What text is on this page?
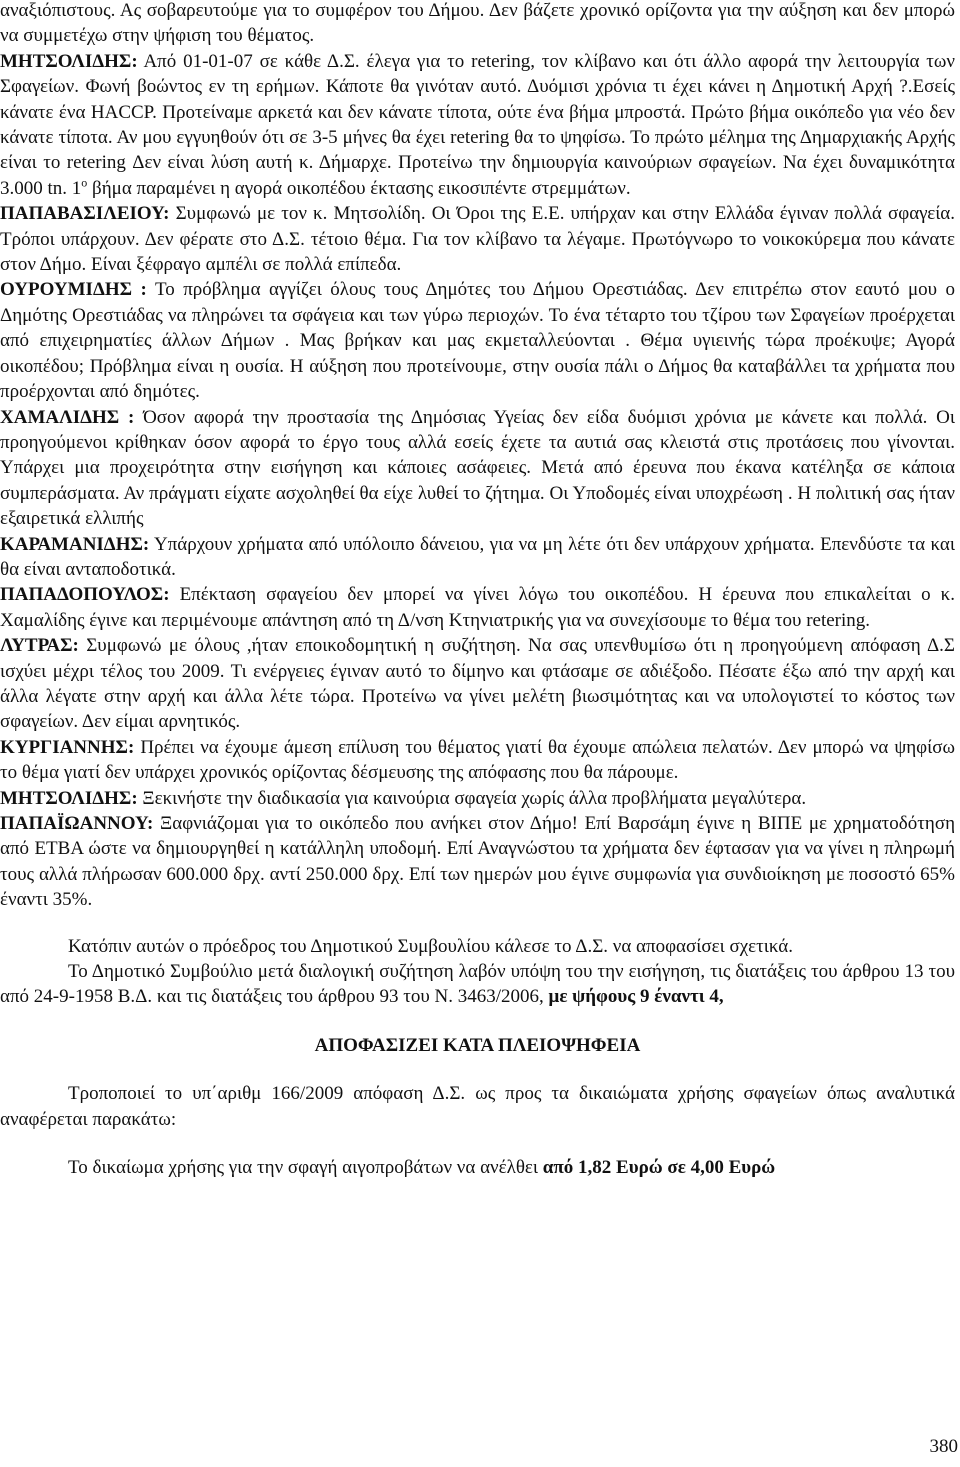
αναξιόπιστους. Ας σοβαρευτούμε για το συμφέρον του Δήμου. Δεν βάζετε χρονικό ορίζοντα για την αύξηση και δεν μπορώ να συμμετέχω στην ψήφιση του θέματος.

ΜΗΤΣΟΛΙΔΗΣ: Από 01-01-07 σε κάθε Δ.Σ. έλεγα για το retering, τον κλίβανο και ότι άλλο αφορά την λειτουργία των Σφαγείων. Φωνή βοώντος εν τη ερήμων. Κάποτε θα γινόταν αυτό. Δυόμισι χρόνια τι έχει κάνει η Δημοτική Αρχή ?.Εσείς κάνατε ένα HACCP. Προτείναμε αρκετά και δεν κάνατε τίποτα, ούτε ένα βήμα μπροστά. Πρώτο βήμα οικόπεδο για νέο δεν κάνατε τίποτα. Αν μου εγγυηθούν ότι σε 3-5 μήνες θα έχει retering θα το ψηφίσω. Το πρώτο μέλημα της Δημαρχιακής Αρχής είναι το retering Δεν είναι λύση αυτή κ. Δήμαρχε. Προτείνω την δημιουργία καινούριων σφαγείων. Να έχει δυναμικότητα 3.000 tn. $1^o$ βήμα παραμένει η αγορά οικοπέδου έκτασης εικοσιπέντε στρεμμάτων.

ΠΑΠΑΒΑΣΙΛΕΙΟΥ: Συμφωνώ με τον κ. Μητσολίδη. Οι Όροι της Ε.Ε. υπήρχαν και στην Ελλάδα έγιναν πολλά σφαγεία. Τρόποι υπάρχουν. Δεν φέρατε στο Δ.Σ. τέτοιο θέμα. Για τον κλίβανο τα λέγαμε. Πρωτόγνωρο το νοικοκύρεμα που κάνατε στον Δήμο. Είναι ξέφραγο αμπέλι σε πολλά επίπεδα.

ΟΥΡΟΥΜΙΔΗΣ : Το πρόβλημα αγγίζει όλους τους Δημότες του Δήμου Ορεστιάδας. Δεν επιτρέπω στον εαυτό μου ο Δημότης Ορεστιάδας να πληρώνει τα σφάγεια και των γύρω περιοχών. Το ένα τέταρτο του τζίρου των Σφαγείων προέρχεται από επιχειρηματίες άλλων Δήμων . Μας βρήκαν και μας εκμεταλλεύονται . Θέμα υγιεινής τώρα προέκυψε; Αγορά οικοπέδου; Πρόβλημα είναι η ουσία. Η αύξηση που προτείνουμε, στην ουσία πάλι ο Δήμος θα καταβάλλει τα χρήματα που προέρχονται από δημότες.

ΧΑΜΑΛΙΔΗΣ : Όσον αφορά την προστασία της Δημόσιας Υγείας δεν είδα δυόμισι χρόνια με κάνετε και πολλά. Οι προηγούμενοι κρίθηκαν όσον αφορά το έργο τους αλλά εσείς έχετε τα αυτιά σας κλειστά στις προτάσεις που γίνονται. Υπάρχει μια προχειρότητα στην εισήγηση και κάποιες ασάφειες. Μετά από έρευνα που έκανα κατέληξα σε κάποια συμπεράσματα. Αν πράγματι είχατε ασχοληθεί θα είχε λυθεί το ζήτημα. Οι Υποδομές είναι υποχρέωση . Η πολιτική σας ήταν εξαιρετικά ελλιπής

ΚΑΡΑΜΑΝΙΔΗΣ: Υπάρχουν χρήματα από υπόλοιπο δάνειου, για να μη λέτε ότι δεν υπάρχουν χρήματα. Επενδύστε τα και θα είναι ανταποδοτικά.

ΠΑΠΑΔΟΠΟΥΛΟΣ: Επέκταση σφαγείου δεν μπορεί να γίνει λόγω του οικοπέδου. Η έρευνα που επικαλείται ο κ. Χαμαλίδης έγινε και περιμένουμε απάντηση από τη Δ/νση Κτηνιατρικής για να συνεχίσουμε το θέμα του retering.

ΛΥΤΡΑΣ: Συμφωνώ με όλους ,ήταν εποικοδομητική η συζήτηση. Να σας υπενθυμίσω ότι η προηγούμενη απόφαση Δ.Σ ισχύει μέχρι τέλος του 2009. Τι ενέργειες έγιναν αυτό το δίμηνο και φτάσαμε σε αδιέξοδο. Πέσατε έξω από την αρχή και άλλα λέγατε στην αρχή και άλλα λέτε τώρα. Προτείνω να γίνει μελέτη βιωσιμότητας και να υπολογιστεί το κόστος των σφαγείων. Δεν είμαι αρνητικός.

ΚΥΡΓΙΑΝΝΗΣ: Πρέπει να έχουμε άμεση επίλυση του θέματος γιατί θα έχουμε απώλεια πελατών. Δεν μπορώ να ψηφίσω το θέμα γιατί δεν υπάρχει χρονικός ορίζοντας δέσμευσης της απόφασης που θα πάρουμε.

ΜΗΤΣΟΛΙΔΗΣ: Ξεκινήστε την διαδικασία για καινούρια σφαγεία χωρίς άλλα προβλήματα μεγαλύτερα.

ΠΑΠΑΪΩΑΝΝΟΥ: Ξαφνιάζομαι για το οικόπεδο που ανήκει στον Δήμο! Επί Βαρσάμη έγινε η ΒΙΠΕ με χρηματοδότηση από ΕΤΒΑ ώστε να δημιουργηθεί η κατάλληλη υποδομή. Επί Αναγνώστου τα χρήματα δεν έφτασαν για να γίνει η πληρωμή τους αλλά πλήρωσαν 600.000 δρχ. αντί 250.000 δρχ. Επί των ημερών μου έγινε συμφωνία για συνδιοίκηση με ποσοστό 65% έναντι 35%.

Κατόπιν αυτών ο πρόεδρος του Δημοτικού Συμβουλίου κάλεσε το Δ.Σ. να αποφασίσει σχετικά.

Το Δημοτικό Συμβούλιο μετά διαλογική συζήτηση λαβόν υπόψη του την εισήγηση, τις διατάξεις του άρθρου 13 του από 24-9-1958 Β.Δ. και τις διατάξεις του άρθρου 93 του Ν. 3463/2006, με ψήφους 9 έναντι 4,

ΑΠΟΦΑΣΙΖΕΙ ΚΑΤΑ ΠΛΕΙΟΨΗΦΕΙΑ

Τροποποιεί το υπ΄αριθμ 166/2009 απόφαση Δ.Σ. ως προς τα δικαιώματα χρήσης σφαγείων όπως αναλυτικά αναφέρεται παρακάτω:

Το δικαίωμα χρήσης για την σφαγή αιγοπροβάτων να ανέλθει από 1,82 Ευρώ σε 4,00 Ευρώ

380
